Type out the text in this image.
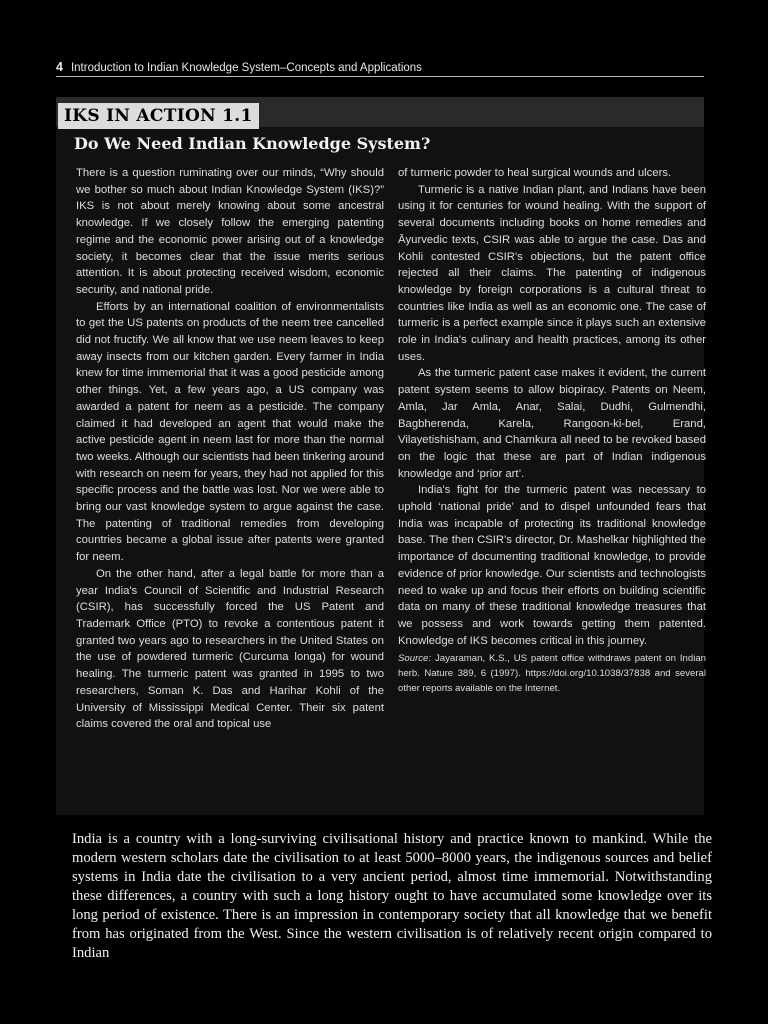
4 Introduction to Indian Knowledge System–Concepts and Applications
IKS IN ACTION 1.1
Do We Need Indian Knowledge System?

There is a question ruminating over our minds, “Why should we bother so much about Indian Knowledge System (IKS)?” IKS is not about merely knowing about some ancestral knowledge. If we closely follow the emerging patenting regime and the economic power arising out of a knowledge society, it becomes clear that the issue merits serious attention. It is about protecting received wisdom, economic security, and national pride.

Efforts by an international coalition of environmentalists to get the US patents on products of the neem tree cancelled did not fructify. We all know that we use neem leaves to keep away insects from our kitchen garden. Every farmer in India knew for time immemorial that it was a good pesticide among other things. Yet, a few years ago, a US company was awarded a patent for neem as a pesticide. The company claimed it had developed an agent that would make the active pesticide agent in neem last for more than the normal two weeks. Although our scientists had been tinkering around with research on neem for years, they had not applied for this specific process and the battle was lost. Nor we were able to bring our vast knowledge system to argue against the case. The patenting of traditional remedies from developing countries became a global issue after patents were granted for neem.

On the other hand, after a legal battle for more than a year India's Council of Scientific and Industrial Research (CSIR), has successfully forced the US Patent and Trademark Office (PTO) to revoke a contentious patent it granted two years ago to researchers in the United States on the use of powdered turmeric (Curcuma longa) for wound healing. The turmeric patent was granted in 1995 to two researchers, Soman K. Das and Harihar Kohli of the University of Mississippi Medical Center. Their six patent claims covered the oral and topical use

of turmeric powder to heal surgical wounds and ulcers.

Turmeric is a native Indian plant, and Indians have been using it for centuries for wound healing. With the support of several documents including books on home remedies and Āyurvedic texts, CSIR was able to argue the case. Das and Kohli contested CSIR's objections, but the patent office rejected all their claims. The patenting of indigenous knowledge by foreign corporations is a cultural threat to countries like India as well as an economic one. The case of turmeric is a perfect example since it plays such an extensive role in India's culinary and health practices, among its other uses.

As the turmeric patent case makes it evident, the current patent system seems to allow biopiracy. Patents on Neem, Amla, Jar Amla, Anar, Salai, Dudhi, Gulmendhi, Bagbherenda, Karela, Rangoon-ki-bel, Erand, Vilayetishisham, and Chamkura all need to be revoked based on the logic that these are part of Indian indigenous knowledge and ‘prior art’.

India's fight for the turmeric patent was necessary to uphold ‘national pride’ and to dispel unfounded fears that India was incapable of protecting its traditional knowledge base. The then CSIR's director, Dr. Mashelkar highlighted the importance of documenting traditional knowledge, to provide evidence of prior knowledge. Our scientists and technologists need to wake up and focus their efforts on building scientific data on many of these traditional knowledge treasures that we possess and work towards getting them patented. Knowledge of IKS becomes critical in this journey.

Source: Jayaraman, K.S., US patent office withdraws patent on Indian herb. Nature 389, 6 (1997). https://doi.org/10.1038/37838 and several other reports available on the Internet.

India is a country with a long-surviving civilisational history and practice known to mankind. While the modern western scholars date the civilisation to at least 5000–8000 years, the indigenous sources and belief systems in India date the civilisation to a very ancient period, almost time immemorial. Notwithstanding these differences, a country with such a long history ought to have accumulated some knowledge over its long period of existence. There is an impression in contemporary society that all knowledge that we benefit from has originated from the West. Since the western civilisation is of relatively recent origin compared to Indian
